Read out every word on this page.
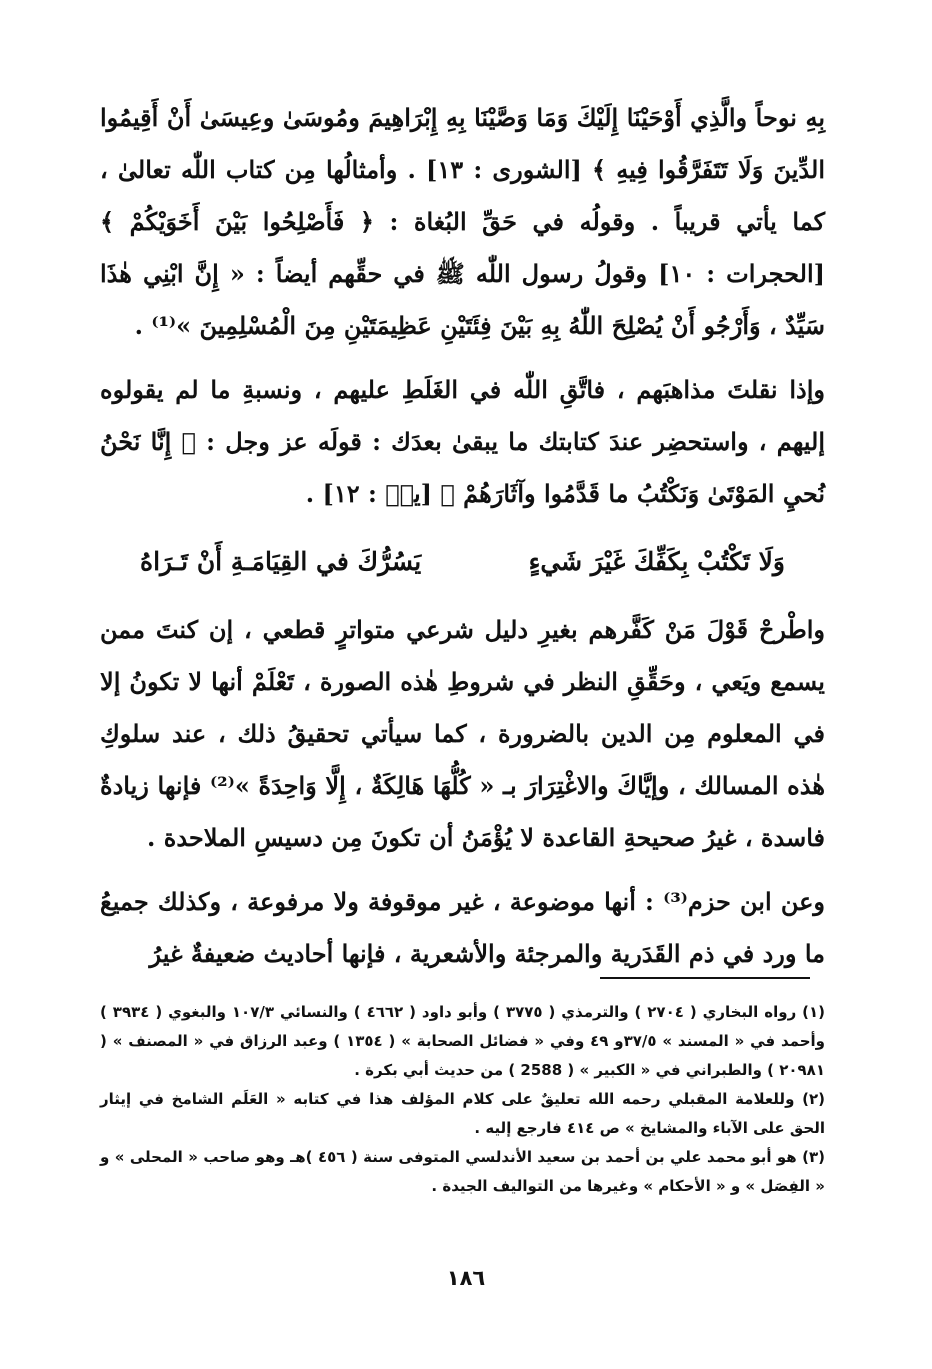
بِهِ نوحاً والَّذِي أَوْحَيْنَا إِلَيْكَ وَمَا وَصَّيْنَا بِهِ إِبْرَاهِيمَ ومُوسَىٰ وعِيسَىٰ أَنْ أَقِيمُوا الدِّينَ وَلَا تَتَفَرَّقُوا فِيهِ ﴾ [الشورى : ١٣] . وأمثالُها مِن كتاب اللّٰه تعالىٰ ، كما يأتي قريباً . وقولُه في حَقِّ البُغاة : ﴿ فَأَصْلِحُوا بَيْنَ أَخَوَيْكُمْ ﴾ [الحجرات : ١٠] وقولُ رسول اللّٰه ﷺ في حقِّهم أيضاً : « إِنَّ ابْنِي هٰذَا سَيِّدٌ ، وَأَرْجُو أَنْ يُصْلِحَ اللّٰهُ بِهِ بَيْنَ فِئَتَيْنِ عَظِيمَتَيْنِ مِنَ الْمُسْلِمِينَ »⁽¹⁾ .

وإذا نقلتَ مذاهبَهم ، فاتَّقِ اللّٰه في الغَلَطِ عليهم ، ونسبةِ ما لم يقولوه إليهم ، واستحضِر عندَ كتابتك ما يبقىٰ بعدَك : قولَه عز وجل : ﴿ إِنَّا نَحْنُ نُحيِ المَوْتَىٰ وَنَكْتُبُ ما قَدَّمُوا وآثَارَهُمْ ﴾ [يسۤ : ١٢] .

وَلَا تَكْتُبْ بِكَفِّكَ غَيْرَ شَيءٍ
يَسُرُّكَ في القِيَامَـةِ أَنْ تَـرَاهُ

واطْرحْ قَوْلَ مَنْ كَفَّرهم بغيرِ دليل شرعي متواترٍ قطعي ، إن كنتَ ممن يسمع ويَعي ، وحَقِّقِ النظر في شروطِ هٰذه الصورة ، تَعْلَمْ أنها لا تكونُ إلا في المعلوم مِن الدين بالضرورة ، كما سيأتي تحقيقُ ذلك ، عند سلوكِ هٰذه المسالك ، وإيَّاكَ والاغْتِرَارَ بـ « كُلُّهَا هَالِكَةٌ ، إِلَّا وَاحِدَةً »⁽²⁾ فإنها زيادةٌ فاسدة ، غيرُ صحيحةِ القاعدة لا يُؤْمَنُ أن تكونَ مِن دسيسِ الملاحدة .

وعن ابن حزم⁽³⁾ : أنها موضوعة ، غير موقوفة ولا مرفوعة ، وكذلك جميعُ ما ورد في ذم القَدَرية والمرجئة والأشعرية ، فإنها أحاديث ضعيفةٌ غيرُ

(١) رواه البخاري ( ٢٧٠٤ ) والترمذي ( ٣٧٧٥ ) وأبو داود ( ٤٦٦٢ ) والنسائي ١٠٧/٣ والبغوي ( ٣٩٣٤ ) وأحمد في « المسند » ٣٧/٥و ٤٩ وفي « فضائل الصحابة » ( ١٣٥٤ ) وعبد الرزاق في « المصنف » ( ٢٠٩٨١ ) والطبراني في « الكبير » ( 2588 ) من حديث أبي بكرة .

(٢) وللعلامة المقبلي رحمه الله تعليقٌ على كلام المؤلف هذا في كتابه « العَلَم الشامخ في إيثار الحق على الآباء والمشايخ » ص ٤١٤ فارجع إليه .

(٣) هو أبو محمد علي بن أحمد بن سعيد الأندلسي المتوفى سنة ( ٤٥٦ )هـ وهو صاحب « المحلى » و « الفِصَل » و « الأحكام » وغيرها من التواليف الجيدة .

١٨٦
